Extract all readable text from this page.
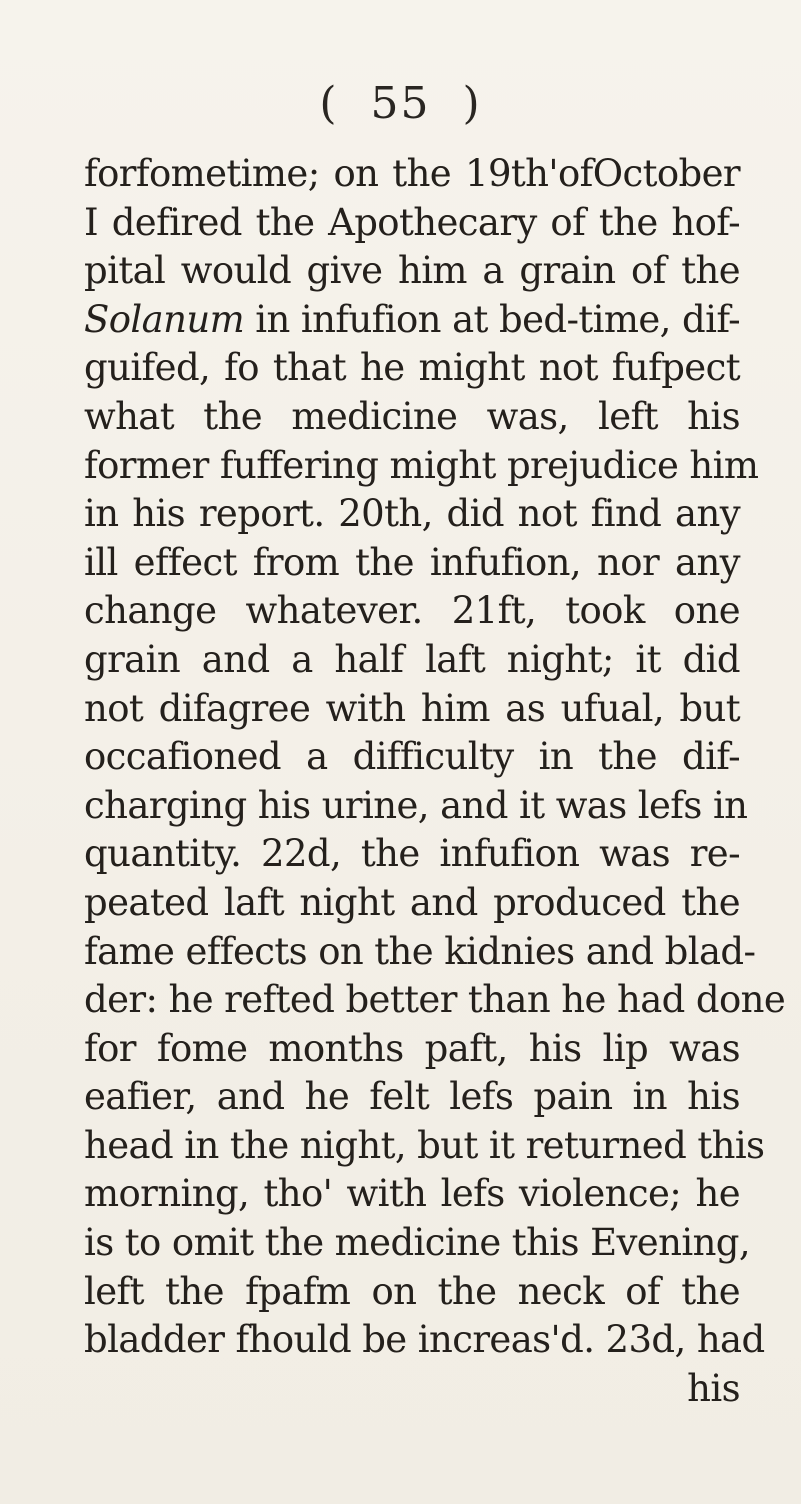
( 55 )
forfometime; on the 19th'ofOctober
I defired the Apothecary of the hof-
pital would give him a grain of the
Solanum in infufion at bed-time, dif-
guifed, fo that he might not fufpect
what the medicine was, left his
former fuffering might prejudice him
in his report. 20th, did not find any
ill effect from the infufion, nor any
change whatever. 21ft, took one
grain and a half laft night; it did
not difagree with him as ufual, but
occafioned a difficulty in the dif-
charging his urine, and it was lefs in
quantity. 22d, the infufion was re-
peated laft night and produced the
fame effects on the kidnies and blad-
der: he refted better than he had done
for fome months paft, his lip was
eafier, and he felt lefs pain in his
head in the night, but it returned this
morning, tho' with lefs violence; he
is to omit the medicine this Evening,
left the fpafm on the neck of the
bladder fhould be increas'd. 23d, had
his
